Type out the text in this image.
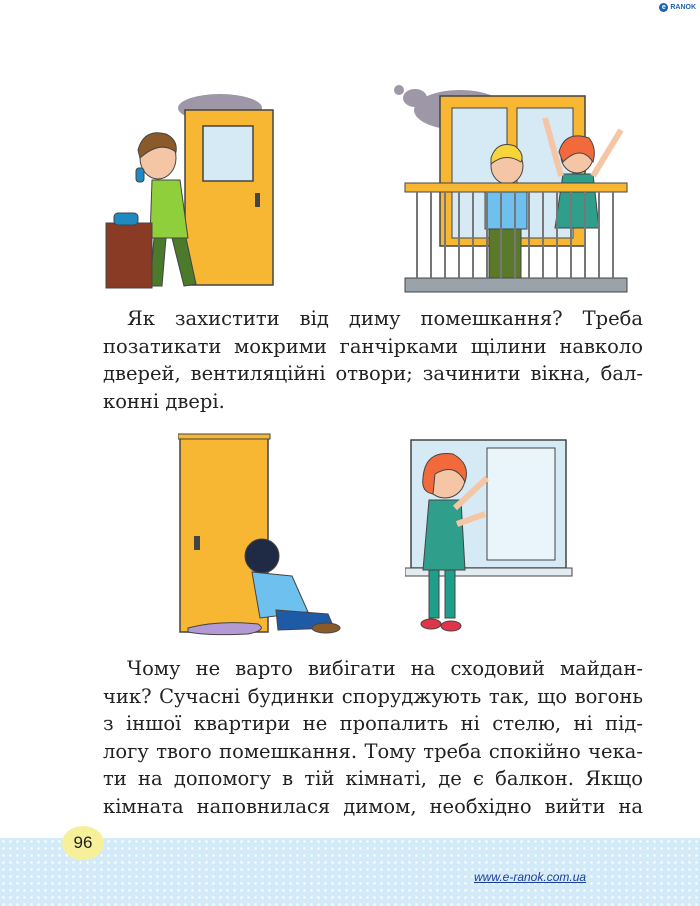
e RANOK

Як захистити від диму помешкання? Треба
позатикати мокрими ганчірками щілини навколо
дверей, вентиляційні отвори; зачинити вікна, бал-
конні двері.

Чому не варто вибігати на сходовий майдан-
чик? Сучасні будинки споруджують так, що вогонь
з іншої квартири не пропалить ні стелю, ні під-
логу твого помешкання. Тому треба спокійно чека-
ти на допомогу в тій кімнаті, де є балкон. Якщо
кімната наповнилася димом, необхідно вийти на

96
www.e-ranok.com.ua
